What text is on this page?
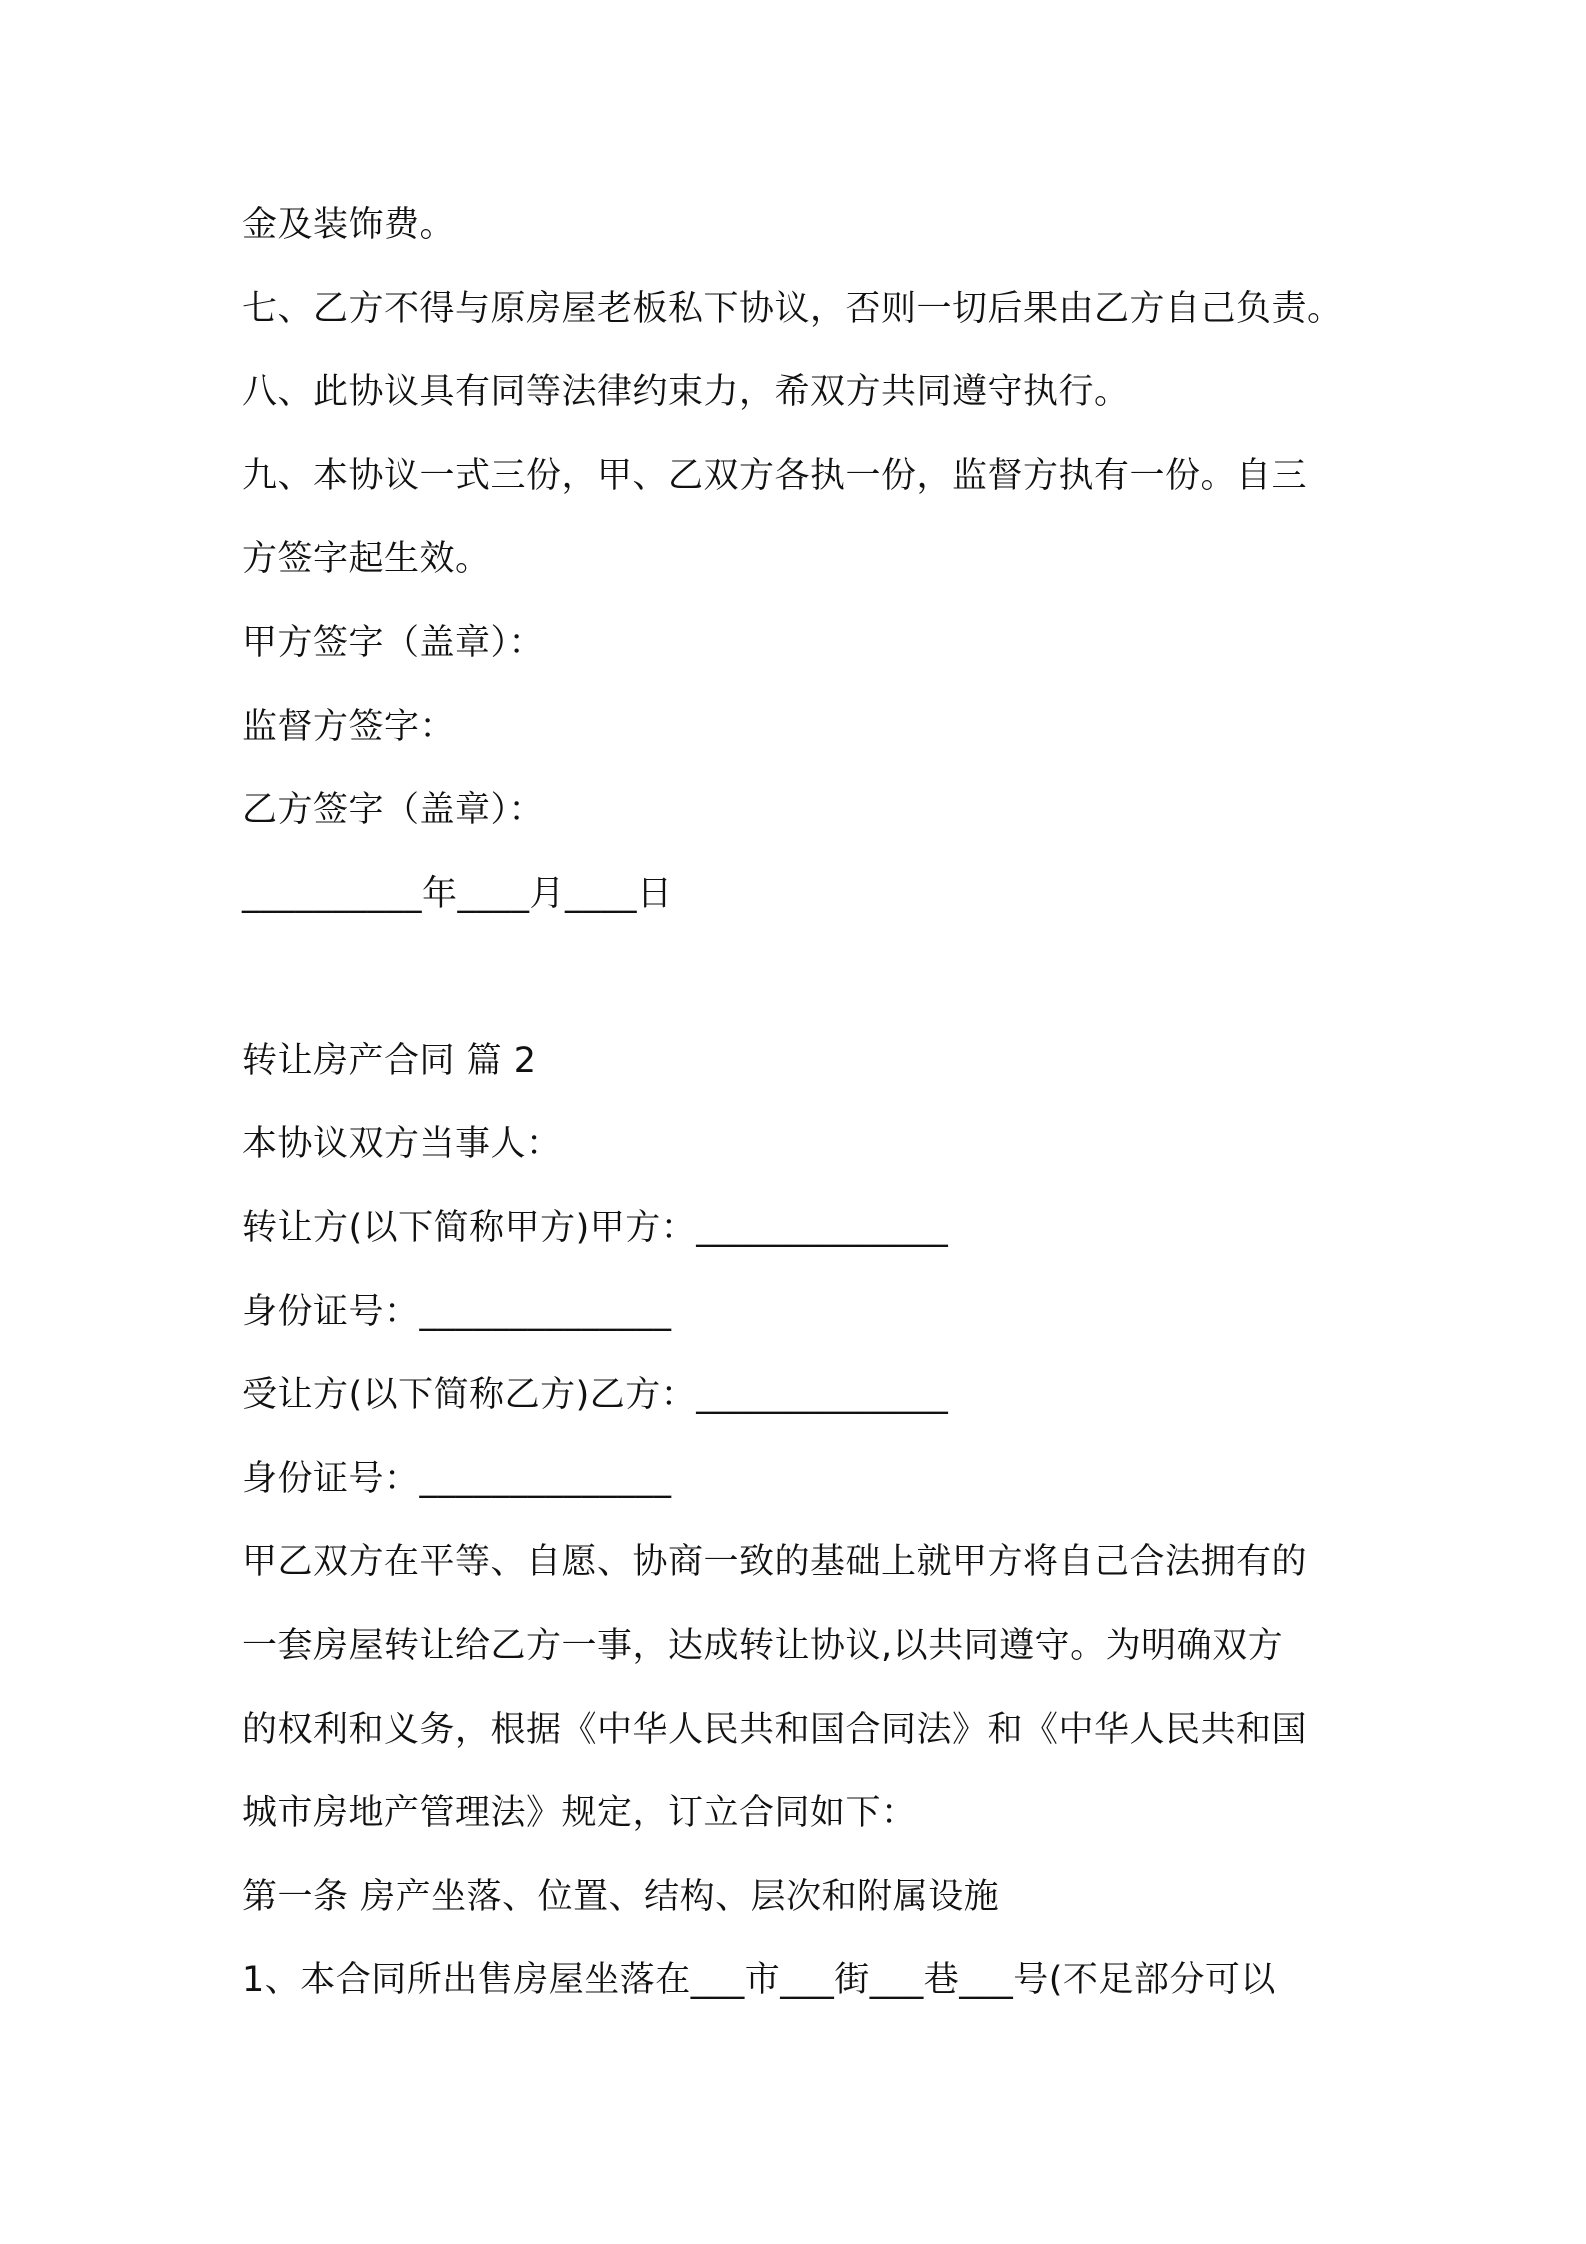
金及装饰费。
七、乙方不得与原房屋老板私下协议，否则一切后果由乙方自己负责。
八、此协议具有同等法律约束力，希双方共同遵守执行。
九、本协议一式三份，甲、乙双方各执一份，监督方执有一份。自三
方签字起生效。
甲方签字（盖章）：
监督方签字：
乙方签字（盖章）：
__________年____月____日
转让房产合同 篇 2
本协议双方当事人：
转让方(以下简称甲方)甲方：______________
身份证号：______________
受让方(以下简称乙方)乙方：______________
身份证号：______________
甲乙双方在平等、自愿、协商一致的基础上就甲方将自己合法拥有的
一套房屋转让给乙方一事，达成转让协议,以共同遵守。为明确双方
的权利和义务，根据《中华人民共和国合同法》和《中华人民共和国
城市房地产管理法》规定，订立合同如下：
第一条 房产坐落、位置、结构、层次和附属设施
1、本合同所出售房屋坐落在___市___街___巷___号(不足部分可以
